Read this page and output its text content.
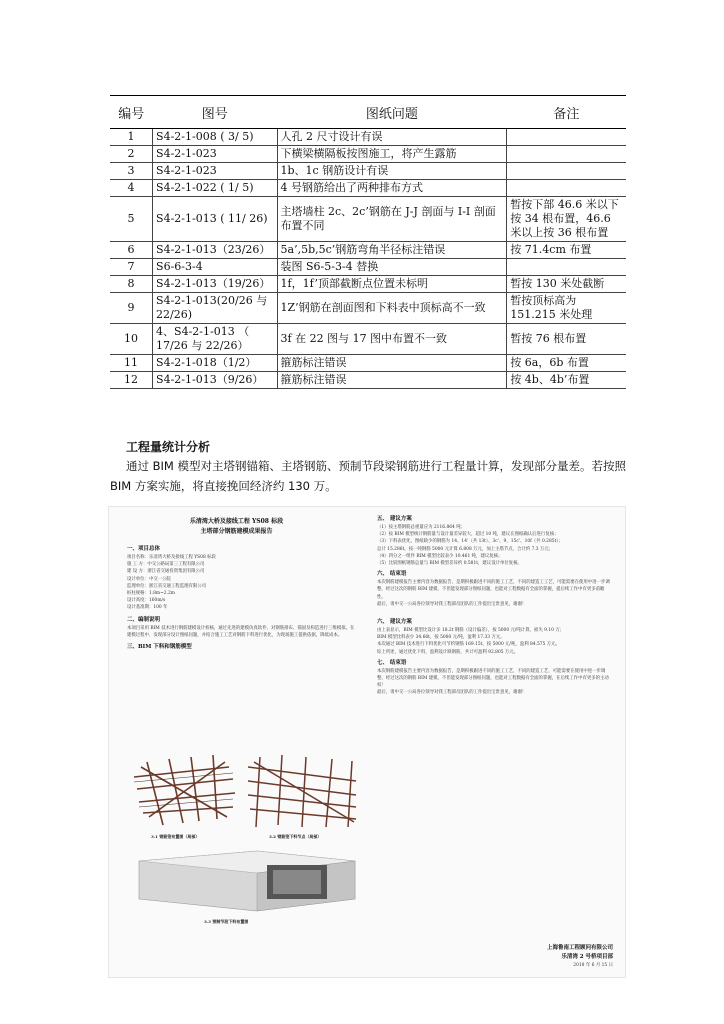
编号	图号	图纸问题	备注
1	S4-2-1-008 ( 3/ 5)	人孔 2 尺寸设计有误	
2	S4-2-1-023	下横梁横隔板按图施工，将产生露筋	
3	S4-2-1-023	1b、1c 钢筋设计有误	
4	S4-2-1-022 ( 1/ 5)	4 号钢筋给出了两种排布方式	
5	S4-2-1-013 ( 11/ 26)	主塔墙柱 2c、2c’钢筋在 J-J 剖面与 I-I 剖面布置不同	暂按下部 46.6 米以下按 34 根布置，46.6 米以上按 36 根布置
6	S4-2-1-013（23/26）	5a’,5b,5c’钢筋弯角半径标注错误	按 71.4cm 布置
7	S6-6-3-4	装图 S6-5-3-4 替换	
8	S4-2-1-013（19/26）	1f，1f’顶部截断点位置未标明	暂按 130 米处截断
9	S4-2-1-013(20/26 与 22/26)	1Z’钢筋在剖面图和下料表中顶标高不一致	暂按顶标高为 151.215 米处理
10	4、S4-2-1-013 （ 17/26 与 22/26）	3f 在 22 图与 17 图中布置不一致	暂按 76 根布置
11	S4-2-1-018（1/2）	箍筋标注错误	按 6a，6b 布置
12	S4-2-1-013（9/26）	箍筋标注错误	按 4b、4b’布置
工程量统计分析
通过 BIM 模型对主塔钢锚箱、主塔钢筋、预制节段梁钢筋进行工程量计算，发现部分量差。若按照 BIM 方案实施，将直接挽回经济约 130 万。
乐清湾大桥及接线工程 YS08 标段
主塔部分钢筋建模成果报告
一、项目总体
项目名称：乐清湾大桥及接线工程 YS08 标段
施 工 方：中交公路局第三工程有限公司
建 设 方：浙江省交通投资集团有限公司
设计单位：中交一公院
监理单位：浙江省交通工程监理有限公司
桩柱规格：1.8m~2.2m
设计高度：160m/s
设计基准期：100 年
二、编制说明
本项目采用 BIM 技术进行钢筋建模设计校核，通过先进的建模仿真软件，对钢筋排布、锚固及构造进行三维模拟。在建模过程中，发现部分设计图纸问题，并结合施工工艺对钢筋下料进行优化，为现场施工提供依据，降低成本。
三、BIM 下料和钢筋模型
3.1 钢筋笼布置图（局部）	3.2 钢筋笼下料节点（局部）
3.3 预制节段下料布置图
五、 建议方案
（1）按主塔钢筋总重量应为 2116.864 吨；
（2）按 BIM 模型统计钢筋量与设计量差异较大，超过 10 吨，建议在图纸确认后进行复核；
（3）下料表优化，图纸缺少的钢筋为 14、14’（共 13t）、3c’、9，15c’、10f（共 0.285t）；
总计 15.286t，按一吨钢筋 5000 元计算 6.808 万元，加上主塔节点，合计约 7.3 万元；
（4）四分之一组件 BIM 模型比较表少 10.461 吨，建议复核；
（5）比较图纸钢筋总量与 BIM 模型差异约 0.581t，建议设计单位复核。
六、 结束语
本次钢筋建模报告主要内容为数据报告，是期积极跟进不同的施工工艺，不同的建造工工艺，可能需要在使用中进一步调整，经过这次的钢筋 BIM 建模，不但能发现部分图纸问题，也能对工程数据有全面的掌握，提后续工作中有更多前瞻性。
最后，请中交一公局各位领导对我工程部员团队的工作提出宝贵意见，谢谢！
六、 建议方案
由上表显示，BIM 模型比设计多 18.2t 钢筋（设计偏差），按 5000 元/吨计算，损失 9.10 万；
BIM 模型比料表少 34.66t，按 5080 元/吨，盈利 17.33 万元。
本次通过 BIM 技术进行下料优化可节约钢筋 169.15t，按 5000 元/吨，盈利 84.575 万元。
综上所述，通过优化下料，盈利设计缺钢筋，共计可盈利 92.805 万元。
七、 结束语
本次钢筋建模报告主要内容为数据报告，是期积极跟进不同的施工工艺，不同的建造工艺，可能需要在使用中进一步调整，经过这次的钢筋 BIM 建模，不但能发现部分图纸问题，也能对工程数据有全面的掌握，在后续工作中有更多的主动权！
最后，请中交一公局各位领导对我工程部员团队的工作提出宝贵意见，谢谢！
上海鲁南工程顾问有限公司
乐清湾 2 号桥项目部
2018 年 6 月 15 日
